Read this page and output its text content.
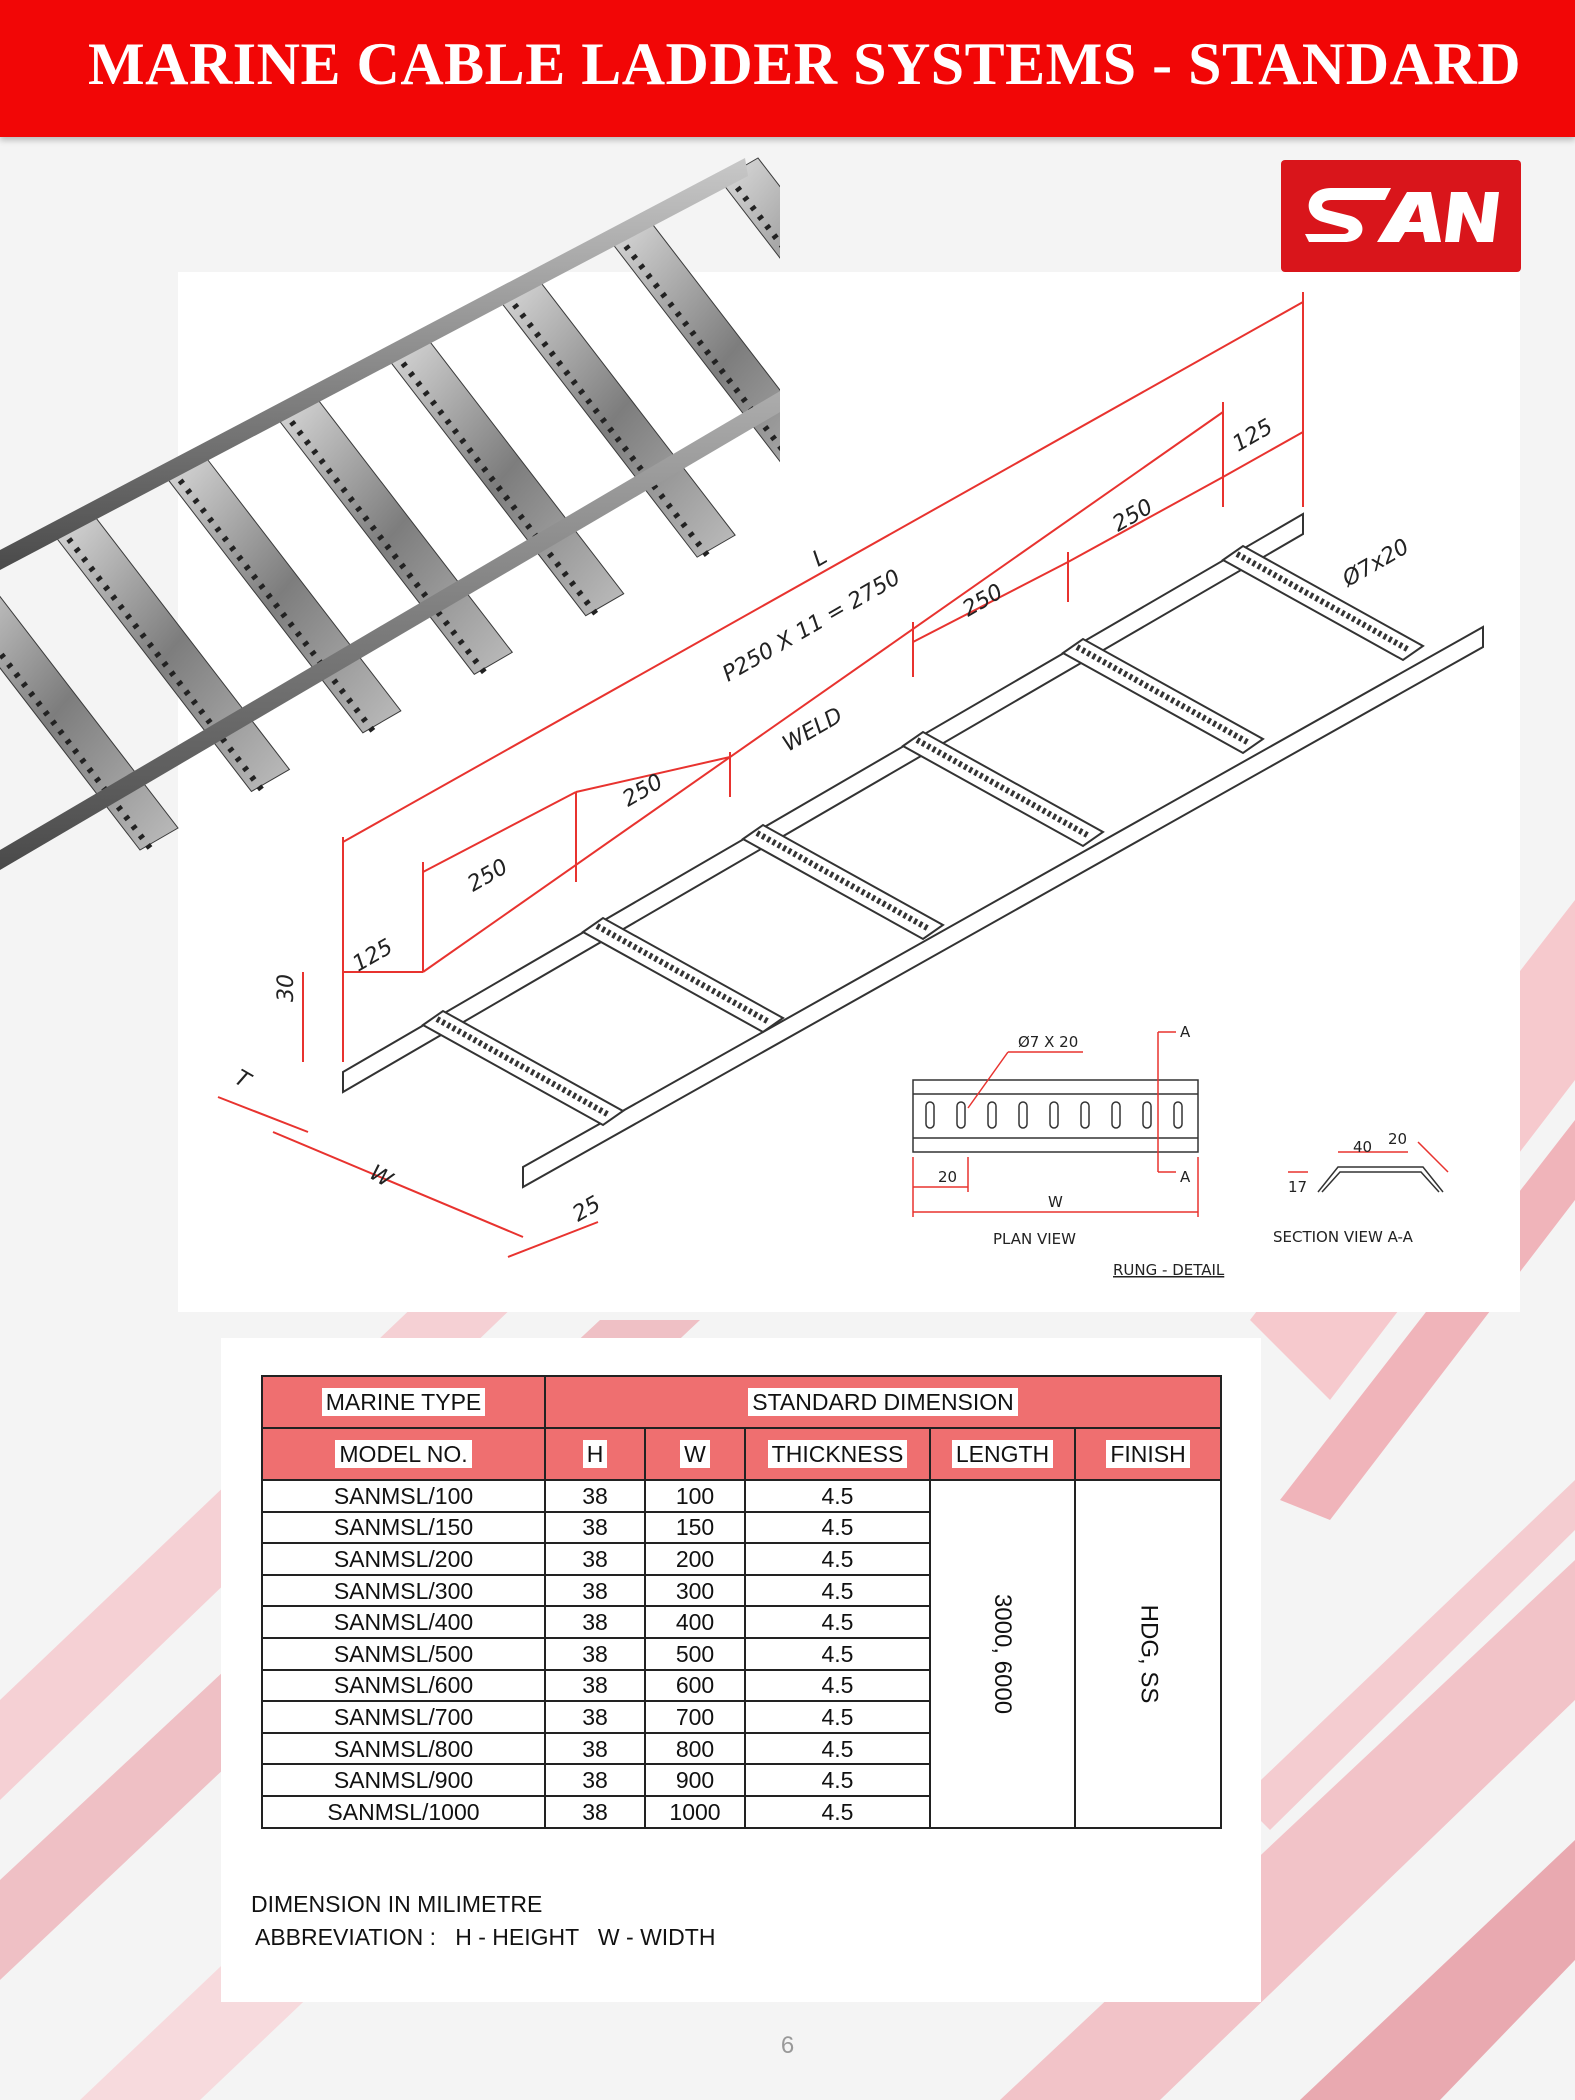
MARINE CABLE LADDER SYSTEMS - STANDARD
L
P250 X 11 = 2750
250
250
250
250
125
125
30
T
W
25
WELD
Ø7x20
Ø7 X 20
20
W
A
A
PLAN VIEW
RUNG - DETAIL
40 20
17
SECTION VIEW A-A
MARINE TYPE	STANDARD DIMENSION				
MODEL NO.	H	W	THICKNESS	LENGTH	FINISH
SANMSL/100	38	100	4.5	3000, 6000	HDG, SS
SANMSL/150	38	150	4.5		
SANMSL/200	38	200	4.5		
SANMSL/300	38	300	4.5		
SANMSL/400	38	400	4.5		
SANMSL/500	38	500	4.5		
SANMSL/600	38	600	4.5		
SANMSL/700	38	700	4.5		
SANMSL/800	38	800	4.5		
SANMSL/900	38	900	4.5		
SANMSL/1000	38	1000	4.5		
DIMENSION IN MILIMETRE
ABBREVIATION :   H - HEIGHT   W - WIDTH
6
